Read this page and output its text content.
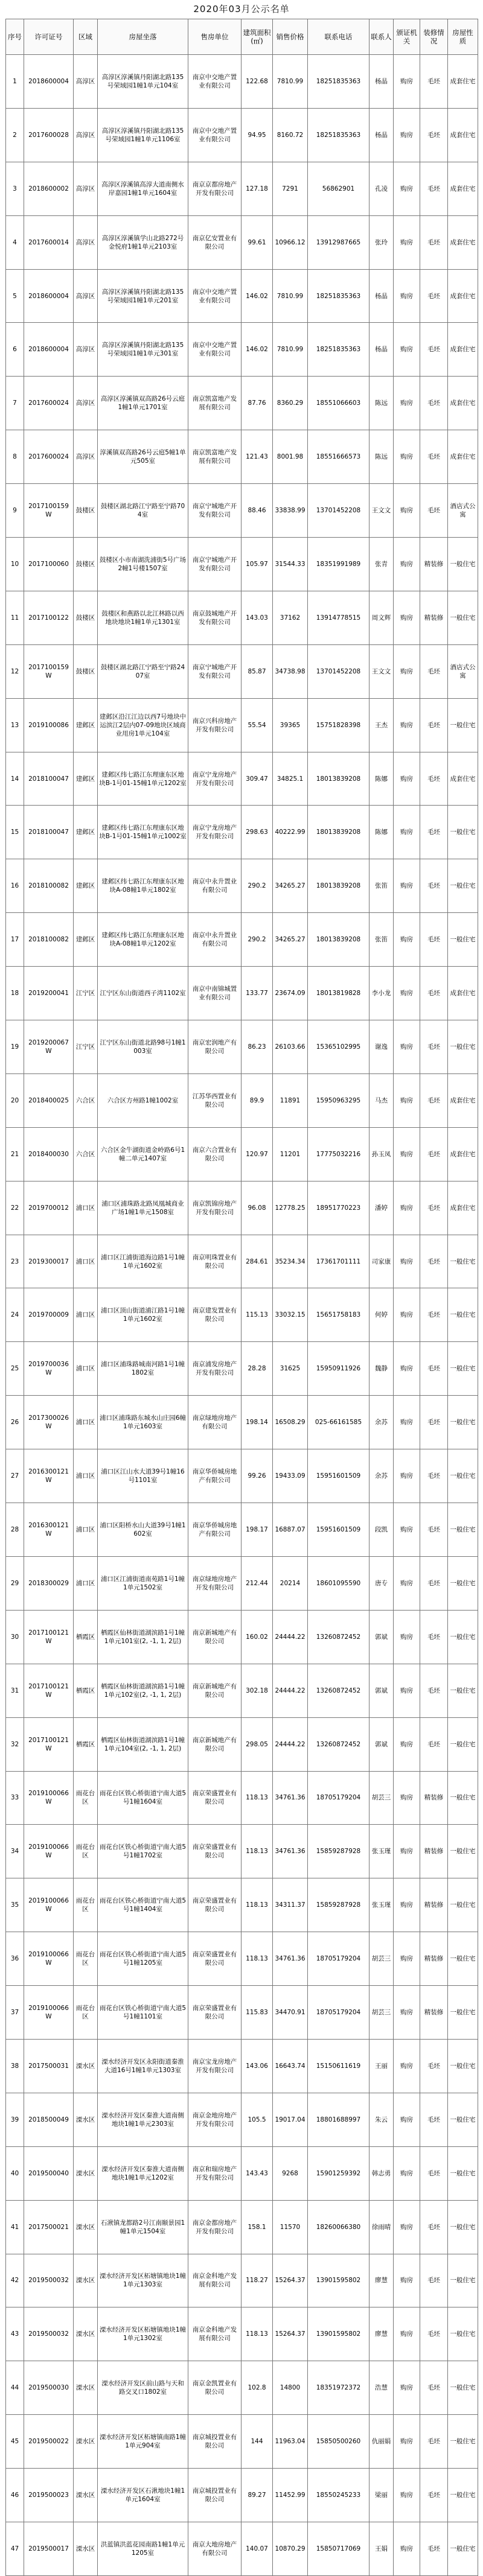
2020年03月公示名单
序号	许可证号	区域	房屋坐落	售房单位	建筑面积(㎡)	销售价格	联系电话	联系人	颁证机关	装修情况	房屋性质
1	2018600004	高淳区	高淳区淳溪镇丹阳湖北路135号荣域园1幢1单元104室	南京中交地产置业有限公司	122.68	7810.99	18251835363	杨晶	购房	毛坯	成套住宅
2	2017600028	高淳区	高淳区淳溪镇丹阳湖北路135号荣域园1幢1单元1106室	南京中交地产置业有限公司	94.95	8160.72	18251835363	杨晶	购房	毛坯	成套住宅
3	2018600002	高淳区	高淳区淳溪镇高淳大道南侧水岸嘉园1幢1单元1604室	南京京都房地产开发有限公司	127.18	7291	56862901	孔凌	购房	毛坯	成套住宅
4	2017600014	高淳区	高淳区淳溪镇学山北路272号金悦府1幢1单元2103室	南京亿安置业有限公司	99.61	10966.12	13912987665	张玲	购房	毛坯	成套住宅
5	2018600004	高淳区	高淳区淳溪镇丹阳湖北路135号荣域园1幢1单元201室	南京中交地产置业有限公司	146.02	7810.99	18251835363	杨晶	购房	毛坯	成套住宅
6	2018600004	高淳区	高淳区淳溪镇丹阳湖北路135号荣域园1幢1单元301室	南京中交地产置业有限公司	146.02	7810.99	18251835363	杨晶	购房	毛坯	成套住宅
7	2017600024	高淳区	高淳区淳溪镇双高路26号云庭1幢1单元1701室	南京凯富地产发展有限公司	87.76	8360.29	18551066603	陈远	购房	毛坯	成套住宅
8	2017600024	高淳区	淳溪镇双高路26号云庭5幢1单元505室	南京凯富地产发展有限公司	121.43	8001.98	18551666573	陈远	购房	毛坯	成套住宅
9	2017100159W	鼓楼区	鼓楼区湖北路江宁路至宁路704室	南京宁城地产开发有限公司	88.46	33838.99	13701452208	王文文	购房	毛坯	酒店式公寓
10	2017100060	鼓楼区	鼓楼区小市南湖洗浦街5号广场2幢1号楼1507室	南京宁城地产开发有限公司	105.97	31544.33	18351991989	张青	购房	精装修	一般住宅
11	2017100122	鼓楼区	鼓楼区和燕路以北江林路以西地块地块1幢1单元1301室	南京鼓城地产开发有限公司	143.03	37162	13914778515	周文辉	购房	精装修	一般住宅
12	2017100159W	鼓楼区	鼓楼区湖北路江宁路至宁路2407室	南京宁城地产开发有限公司	85.87	34738.98	13701452208	王文文	购房	毛坯	酒店式公寓
13	2019100086	建邺区	建邺区沿江江边以西7号地块中运滨江2层内07-09地块区域商业用房1单元104室	南京兴科房地产开发有限公司	55.54	39365	15751828398	王杰	购房	毛坯	一般住宅
14	2018100047	建邺区	建邺区纬七路江东理康东区地块B-1号01-15幢1单元1202室	南京宁龙房地产开发有限公司	309.47	34825.1	18013839208	陈娜	购房	毛坯	成套住宅
15	2018100047	建邺区	建邺区纬七路江东理康东区地块B-1号01-15幢1单元1002室	南京宁龙房地产开发有限公司	298.63	40222.99	18013839208	陈娜	购房	毛坯	一般住宅
16	2018100082	建邺区	建邺区纬七路江东理康东区地块A-08幢1单元1802室	南京中永升置业有限公司	290.2	34265.27	18013839208	张笛	购房	毛坯	一般住宅
17	2018100082	建邺区	建邺区纬七路江东理康东区地块A-08幢1单元1202室	南京中永升置业有限公司	290.2	34265.27	18013839208	张笛	购房	毛坯	一般住宅
18	2019200041	江宁区	江宁区东山街道西子湾1102室	南京中南锦城置业有限公司	133.77	23674.09	18013819828	李小龙	购房	毛坯	成套住宅
19	2019200067W	江宁区	江宁区东山街道北路98号1幢1003室	南京宏润地产有限公司	86.23	26103.66	15365102995	谢逸	购房	毛坯	一般住宅
20	2018400025	六合区	六合区方州路1幢1002室	江苏华西置业有限公司	89.9	11891	15950963295	马杰	购房	毛坯	成套住宅
21	2018400030	六合区	六合区金牛湖街道金岭路6号1幢二单元1407室	南京六合置业有限公司	120.97	11201	17775032216	孙玉凤	购房	毛坯	成套住宅
22	2019700012	浦口区	浦口区浦珠路北路凤凰城商业广场1幢1单元1508室	南京凯锦房地产开发有限公司	96.08	12778.25	18951770223	潘婷	购房	毛坯	成套住宅
23	2019300017	浦口区	浦口区江浦街道海边路1号1幢1单元1602室	南京明珠置业有限公司	284.61	35234.34	17361701111	司家康	购房	毛坯	一般住宅
24	2019700009	浦口区	浦口区顶山街道浦江路1号1幢1单元1602室	南京建发置业有限公司	115.13	33032.15	15651758183	何婷	购房	毛坯	一般住宅
25	2019700036W	浦口区	浦口区浦珠路城南河路1号1幢1802室	南京浦发房地产开发有限公司	28.28	31625	15950911926	魏静	购房	毛坯	一般住宅
26	2017300026W	浦口区	浦口区浦珠路东城水山庄园6幢1单元1603室	南京绿地房地产有限公司	198.14	16508.29	025-66161585	余苏	购房	毛坯	一般住宅
27	2016300121W	浦口区	浦口区江山水大道39号1幢16号1101室	南京华侨城房地产有限公司	99.26	19433.09	15951601509	余苏	购房	毛坯	一般住宅
28	2016300121W	浦口区	浦口区阳桥水山大道39号1幢1602室	南京华侨城房地产有限公司	198.17	16887.07	15951601509	段凯	购房	毛坯	一般住宅
29	2018300029	浦口区	浦口区江浦街道南苑路1号1幢1单元1502室	南京绿地房地产开发有限公司	212.44	20214	18601095590	唐专	购房	毛坯	一般住宅
30	2017100121W	栖霞区	栖霞区仙林街道湖滨路1号1幢1单元101室(2, -1, 1, 2层)	南京新城地产有限公司	160.02	24444.22	13260872452	郭斌	购房	毛坯	一般住宅
31	2017100121W	栖霞区	栖霞区仙林街道湖滨路1号1幢1单元102室(2, -1, 1, 2层)	南京新城地产有限公司	302.18	24444.22	13260872452	郭斌	购房	毛坯	一般住宅
32	2017100121W	栖霞区	栖霞区仙林街道湖滨路1号1幢1单元104室(2, -1, 1, 2层)	南京新城地产有限公司	298.05	24444.22	13260872452	郭斌	购房	毛坯	一般住宅
33	2019100066W	雨花台区	雨花台区铁心桥街道宁南大道5号1幢1604室	南京荣盛置业有限公司	118.13	34761.36	18705179204	胡芸三	购房	精装修	一般住宅
34	2019100066W	雨花台区	雨花台区铁心桥街道宁南大道5号1幢1702室	南京荣盛置业有限公司	118.13	34761.36	15859287928	张玉瑾	购房	精装修	一般住宅
35	2019100066W	雨花台区	雨花台区铁心桥街道宁南大道5号1幢1404室	南京荣盛置业有限公司	118.13	34311.37	15859287928	张玉瑾	购房	精装修	一般住宅
36	2019100066W	雨花台区	雨花台区铁心桥街道宁南大道5号1幢1205室	南京荣盛置业有限公司	118.13	34761.36	18705179204	胡芸三	购房	精装修	一般住宅
37	2019100066W	雨花台区	雨花台区铁心桥街道宁南大道5号1幢1101室	南京荣盛置业有限公司	115.83	34470.91	18705179204	胡芸三	购房	精装修	一般住宅
38	2017500031	溧水区	溧水经济开发区永阳街道秦淮大道16号1幢1单元1303室	南京宝龙房地产开发有限公司	143.06	16643.74	15150611619	王丽	购房	毛坯	一般住宅
39	2018500049	溧水区	溧水经济开发区秦淮大道南侧地块1幢1单元2303室	南京金地房地产开发有限公司	105.5	19017.04	18801688997	朱云	购房	毛坯	一般住宅
40	2019500040	溧水区	溧水经济开发区秦淮大道南侧地块1幢1单元1202室	南京和瑞房地产开发有限公司	143.43	9268	15901259392	韩志勇	购房	毛坯	一般住宅
41	2017500021	溧水区	石湫镇龙都路2号江南颐景园1幢1单元1504室	南京金都房地产开发有限公司	158.1	11570	18260066380	徐雨晴	购房	毛坯	一般住宅
42	2019500032	溧水区	溧水经济开发区柘塘镇地块1幢1单元1303室	南京金科地产发展有限公司	118.27	15264.37	13901595802	廖慧	购房	毛坯	一般住宅
43	2019500032	溧水区	溧水经济开发区柘塘镇地块1幢1单元1302室	南京金科地产发展有限公司	118.13	15264.37	13901595802	廖慧	购房	毛坯	一般住宅
44	2019500030	溧水区	溧水经济开发区前山路与天和路交叉口1802室	南京金凯置业有限公司	102.8	14800	18351972372	浩慧	购房	毛坯	一般住宅
45	2019500022	溧水区	溧水经济开发区柘塘镇南路1幢1单元904室	南京城投置业有限公司	144	11963.04	15850500260	仇丽娟	购房	毛坯	一般住宅
46	2019500023	溧水区	溧水经济开发区石湫地块1幢1单元1604室	南京城投置业有限公司	89.27	11452.99	18550245233	梁丽	购房	毛坯	一般住宅
47	2019500017	溧水区	洪蓝镇洪蓝花园南路1幢1单元1205室	南京大地房地产有限公司	140.07	10870.29	15850717069	王娟	购房	毛坯	一般住宅
